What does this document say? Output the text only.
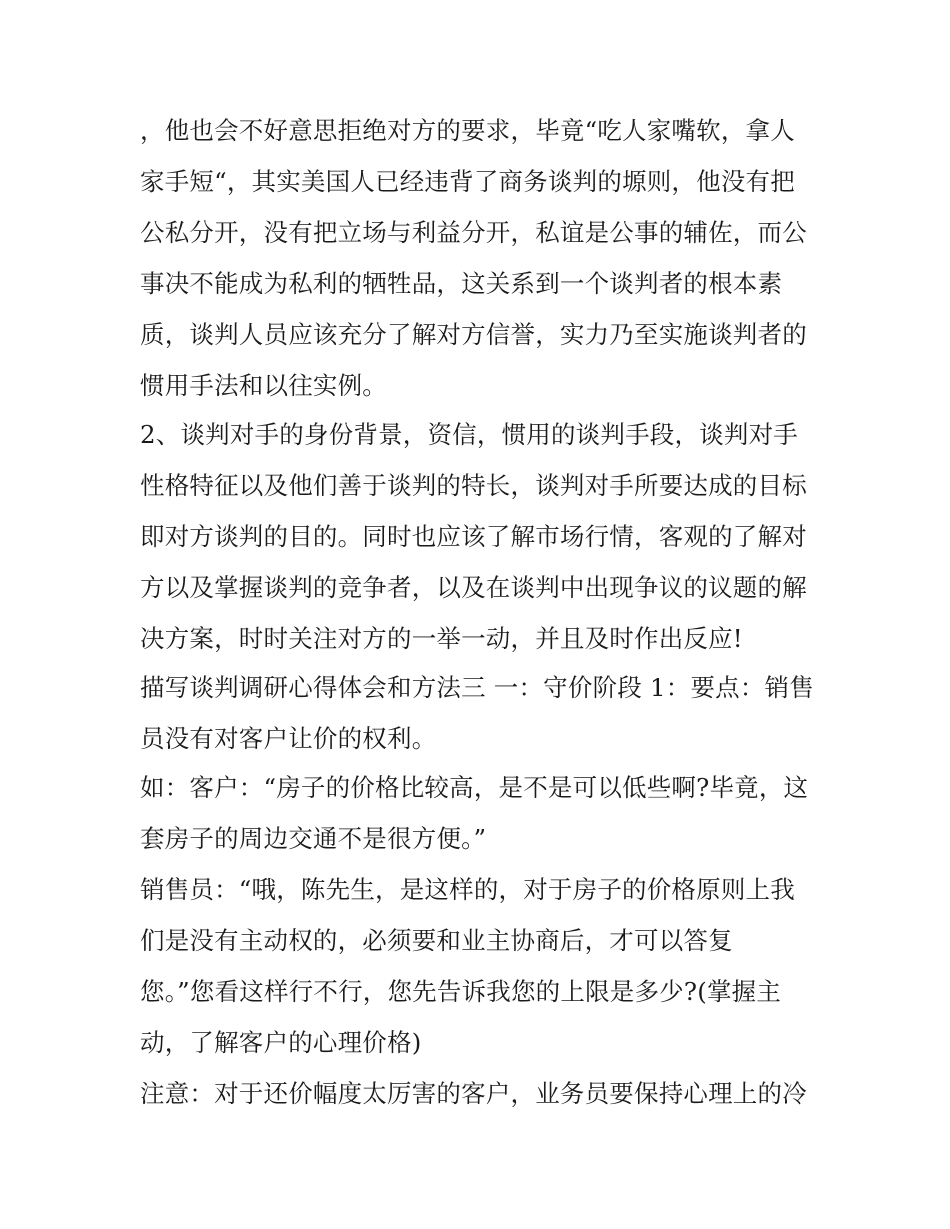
，他也会不好意思拒绝对方的要求，毕竟“吃人家嘴软，拿人
家手短“，其实美国人已经违背了商务谈判的塬则，他没有把
公私分开，没有把立场与利益分开，私谊是公事的辅佐，而公
事决不能成为私利的牺牲品，这关系到一个谈判者的根本素
质，谈判人员应该充分了解对方信誉，实力乃至实施谈判者的
惯用手法和以往实例。
2、谈判对手的身份背景，资信，惯用的谈判手段，谈判对手
性格特征以及他们善于谈判的特长，谈判对手所要达成的目标
即对方谈判的目的。同时也应该了解市场行情，客观的了解对
方以及掌握谈判的竞争者，以及在谈判中出现争议的议题的解
决方案，时时关注对方的一举一动，并且及时作出反应!
描写谈判调研心得体会和方法三 一：守价阶段 1：要点：销售
员没有对客户让价的权利。
如：客户：“房子的价格比较高，是不是可以低些啊?毕竟，这
套房子的周边交通不是很方便。”
销售员：“哦，陈先生，是这样的，对于房子的价格原则上我
们是没有主动权的，必须要和业主协商后，才可以答复
您。”您看这样行不行，您先告诉我您的上限是多少?(掌握主
动，了解客户的心理价格)
注意：对于还价幅度太厉害的客户，业务员要保持心理上的冷
